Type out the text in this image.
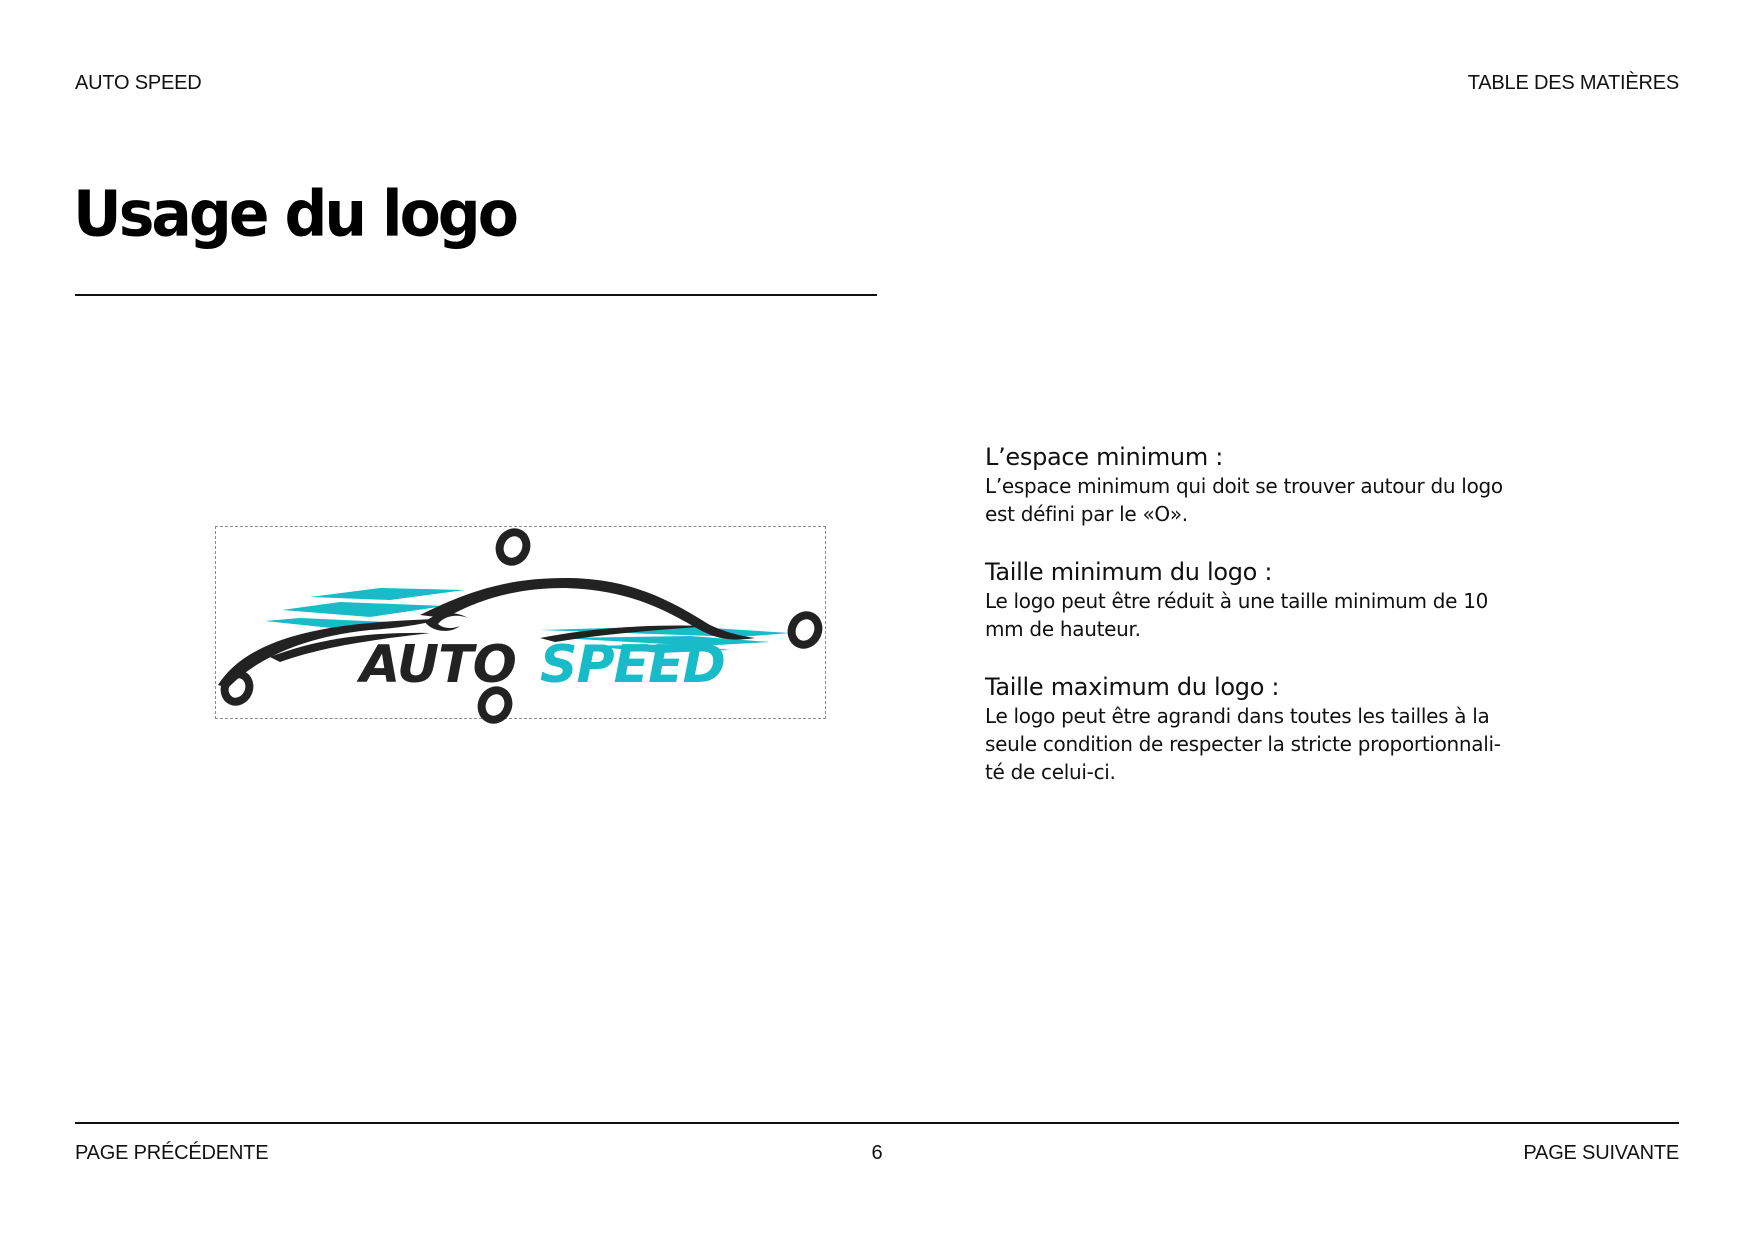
AUTO SPEED	TABLE DES MATIÈRES
Usage du logo
AUTO SPEED
L’espace minimum :

L’espace minimum qui doit se trouver autour du logo
est défini par le «O».

Taille minimum du logo :

Le logo peut être réduit à une taille minimum de 10
mm de hauteur.

Taille maximum du logo :

Le logo peut être agrandi dans toutes les tailles à la
seule condition de respecter la stricte proportionnali-
té de celui-ci.

PAGE PRÉCÉDENTE	6	PAGE SUIVANTE
